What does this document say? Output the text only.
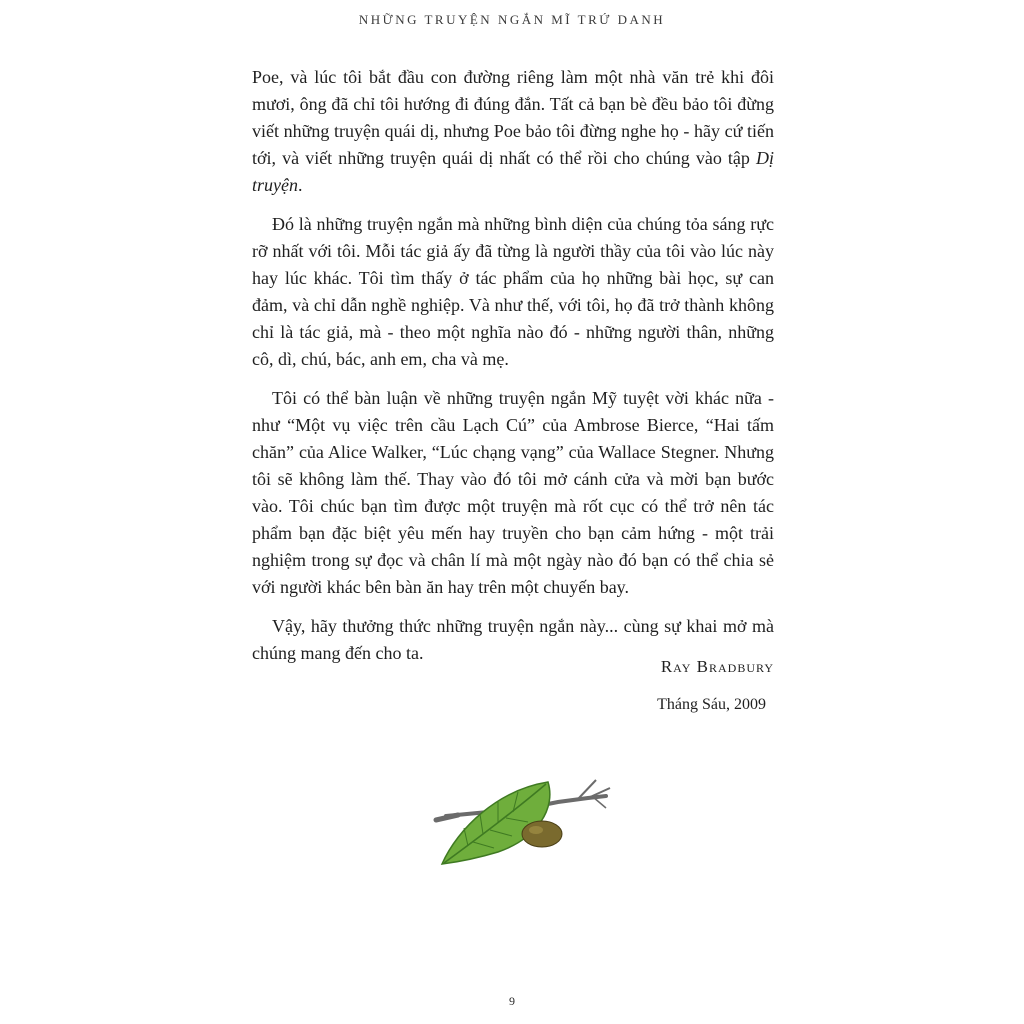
NHỮNG TRUYỆN NGẮN MĨ TRỨ DANH

Poe, và lúc tôi bắt đầu con đường riêng làm một nhà văn trẻ khi đôi mươi, ông đã chỉ tôi hướng đi đúng đắn. Tất cả bạn bè đều bảo tôi đừng viết những truyện quái dị, nhưng Poe bảo tôi đừng nghe họ - hãy cứ tiến tới, và viết những truyện quái dị nhất có thể rồi cho chúng vào tập Dị truyện.

Đó là những truyện ngắn mà những bình diện của chúng tỏa sáng rực rỡ nhất với tôi. Mỗi tác giả ấy đã từng là người thầy của tôi vào lúc này hay lúc khác. Tôi tìm thấy ở tác phẩm của họ những bài học, sự can đảm, và chỉ dẫn nghề nghiệp. Và như thế, với tôi, họ đã trở thành không chỉ là tác giả, mà - theo một nghĩa nào đó - những người thân, những cô, dì, chú, bác, anh em, cha và mẹ.

Tôi có thể bàn luận về những truyện ngắn Mỹ tuyệt vời khác nữa - như “Một vụ việc trên cầu Lạch Cú” của Ambrose Bierce, “Hai tấm chăn” của Alice Walker, “Lúc chạng vạng” của Wallace Stegner. Nhưng tôi sẽ không làm thế. Thay vào đó tôi mở cánh cửa và mời bạn bước vào. Tôi chúc bạn tìm được một truyện mà rốt cục có thể trở nên tác phẩm bạn đặc biệt yêu mến hay truyền cho bạn cảm hứng - một trải nghiệm trong sự đọc và chân lí mà một ngày nào đó bạn có thể chia sẻ với người khác bên bàn ăn hay trên một chuyến bay.

Vậy, hãy thưởng thức những truyện ngắn này... cùng sự khai mở mà chúng mang đến cho ta.

Ray Bradbury
Tháng Sáu, 2009
9
